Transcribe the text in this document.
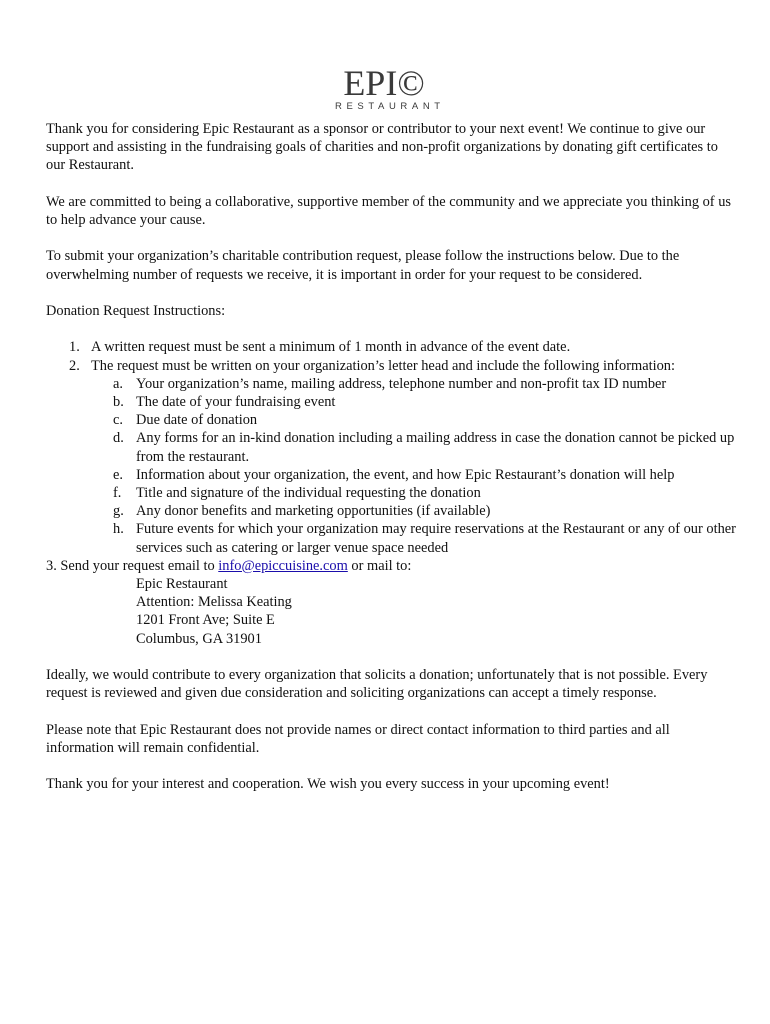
EPI©
RESTAURANT

Thank you for considering Epic Restaurant as a sponsor or contributor to your next event! We continue to give our support and assisting in the fundraising goals of charities and non-profit organizations by donating gift certificates to our Restaurant.

We are committed to being a collaborative, supportive member of the community and we appreciate you thinking of us to help advance your cause.

To submit your organization’s charitable contribution request, please follow the instructions below. Due to the overwhelming number of requests we receive, it is important in order for your request to be considered.

Donation Request Instructions:

1. A written request must be sent a minimum of 1 month in advance of the event date.
2. The request must be written on your organization’s letter head and include the following information:
a. Your organization’s name, mailing address, telephone number and non-profit tax ID number
b. The date of your fundraising event
c. Due date of donation
d. Any forms for an in-kind donation including a mailing address in case the donation cannot be picked up from the restaurant.
e. Information about your organization, the event, and how Epic Restaurant’s donation will help
f. Title and signature of the individual requesting the donation
g. Any donor benefits and marketing opportunities (if available)
h. Future events for which your organization may require reservations at the Restaurant or any of our other services such as catering or larger venue space needed
3. Send your request email to info@epiccuisine.com or mail to:
Epic Restaurant
Attention: Melissa Keating
1201 Front Ave; Suite E
Columbus, GA 31901

Ideally, we would contribute to every organization that solicits a donation; unfortunately that is not possible. Every request is reviewed and given due consideration and soliciting organizations can accept a timely response.

Please note that Epic Restaurant does not provide names or direct contact information to third parties and all information will remain confidential.

Thank you for your interest and cooperation. We wish you every success in your upcoming event!
